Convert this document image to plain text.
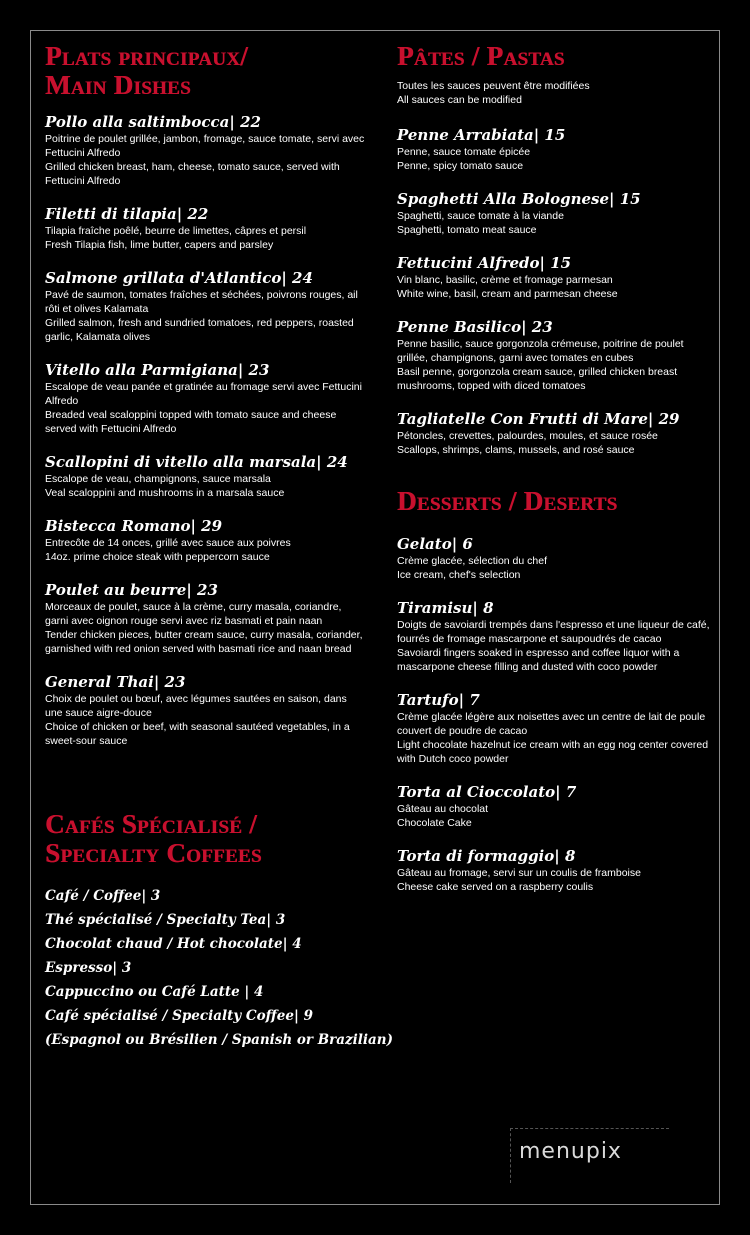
Plats principaux/
Main Dishes
Pollo alla saltimbocca| 22
Poitrine de poulet grillée, jambon, fromage, sauce tomate, servi avec Fettucini Alfredo
Grilled chicken breast, ham, cheese, tomato sauce, served with Fettucini Alfredo
Filetti di tilapia| 22
Tilapia fraîche poêlé, beurre de limettes, câpres et persil
Fresh Tilapia fish, lime butter, capers and parsley
Salmone grillata d'Atlantico| 24
Pavé de saumon, tomates fraîches et séchées, poivrons rouges, ail rôti et olives Kalamata
Grilled salmon, fresh and sundried tomatoes, red peppers, roasted garlic, Kalamata olives
Vitello alla Parmigiana| 23
Escalope de veau panée et gratinée au fromage servi avec Fettucini Alfredo
Breaded veal scaloppini topped with tomato sauce and cheese served with Fettucini Alfredo
Scallopini di vitello alla marsala| 24
Escalope de veau, champignons, sauce marsala
Veal scaloppini and mushrooms in a marsala sauce
Bistecca Romano| 29
Entrecôte de 14 onces, grillé avec sauce aux poivres
14oz. prime choice steak with peppercorn sauce
Poulet au beurre| 23
Morceaux de poulet, sauce à la crème, curry masala, coriandre, garni avec oignon rouge servi avec riz basmati et pain naan
Tender chicken pieces, butter cream sauce, curry masala, coriander, garnished with red onion served with basmati rice and naan bread
General Thai| 23
Choix de poulet ou bœuf, avec légumes sautées en saison, dans une sauce aigre-douce
Choice of chicken or beef, with seasonal sautéed vegetables, in a sweet-sour sauce
Cafés Spécialisé /
Specialty Coffees
Café / Coffee| 3
Thé spécialisé / Specialty Tea| 3
Chocolat chaud / Hot chocolate| 4
Espresso| 3
Cappuccino ou Café Latte | 4
Café spécialisé / Specialty Coffee| 9
(Espagnol ou Brésilien / Spanish or Brazilian)
Pâtes / Pastas
Toutes les sauces peuvent être modifiées
All sauces can be modified
Penne Arrabiata| 15
Penne, sauce tomate épicée
Penne, spicy tomato sauce
Spaghetti Alla Bolognese| 15
Spaghetti, sauce tomate à la viande
Spaghetti, tomato meat sauce
Fettucini Alfredo| 15
Vin blanc, basilic, crème et fromage parmesan
White wine, basil, cream and parmesan cheese
Penne Basilico| 23
Penne basilic, sauce gorgonzola crémeuse, poitrine de poulet grillée, champignons, garni avec tomates en cubes
Basil penne, gorgonzola cream sauce, grilled chicken breast mushrooms, topped with diced tomatoes
Tagliatelle Con Frutti di Mare| 29
Pétoncles, crevettes, palourdes, moules, et sauce rosée
Scallops, shrimps, clams, mussels, and rosé sauce
Desserts / Deserts
Gelato| 6
Crème glacée, sélection du chef
Ice cream, chef's selection
Tiramisu| 8
Doigts de savoiardi trempés dans l'espresso et une liqueur de café, fourrés de fromage mascarpone et saupoudrés de cacao
Savoiardi fingers soaked in espresso and coffee liquor with a mascarpone cheese filling and dusted with coco powder
Tartufo| 7
Crème glacée légère aux noisettes avec un centre de lait de poule couvert de poudre de cacao
Light chocolate hazelnut ice cream with an egg nog center covered with Dutch coco powder
Torta al Cioccolato| 7
Gâteau au chocolat
Chocolate Cake
Torta di formaggio| 8
Gâteau au fromage, servi sur un coulis de framboise
Cheese cake served on a raspberry coulis
menupix
